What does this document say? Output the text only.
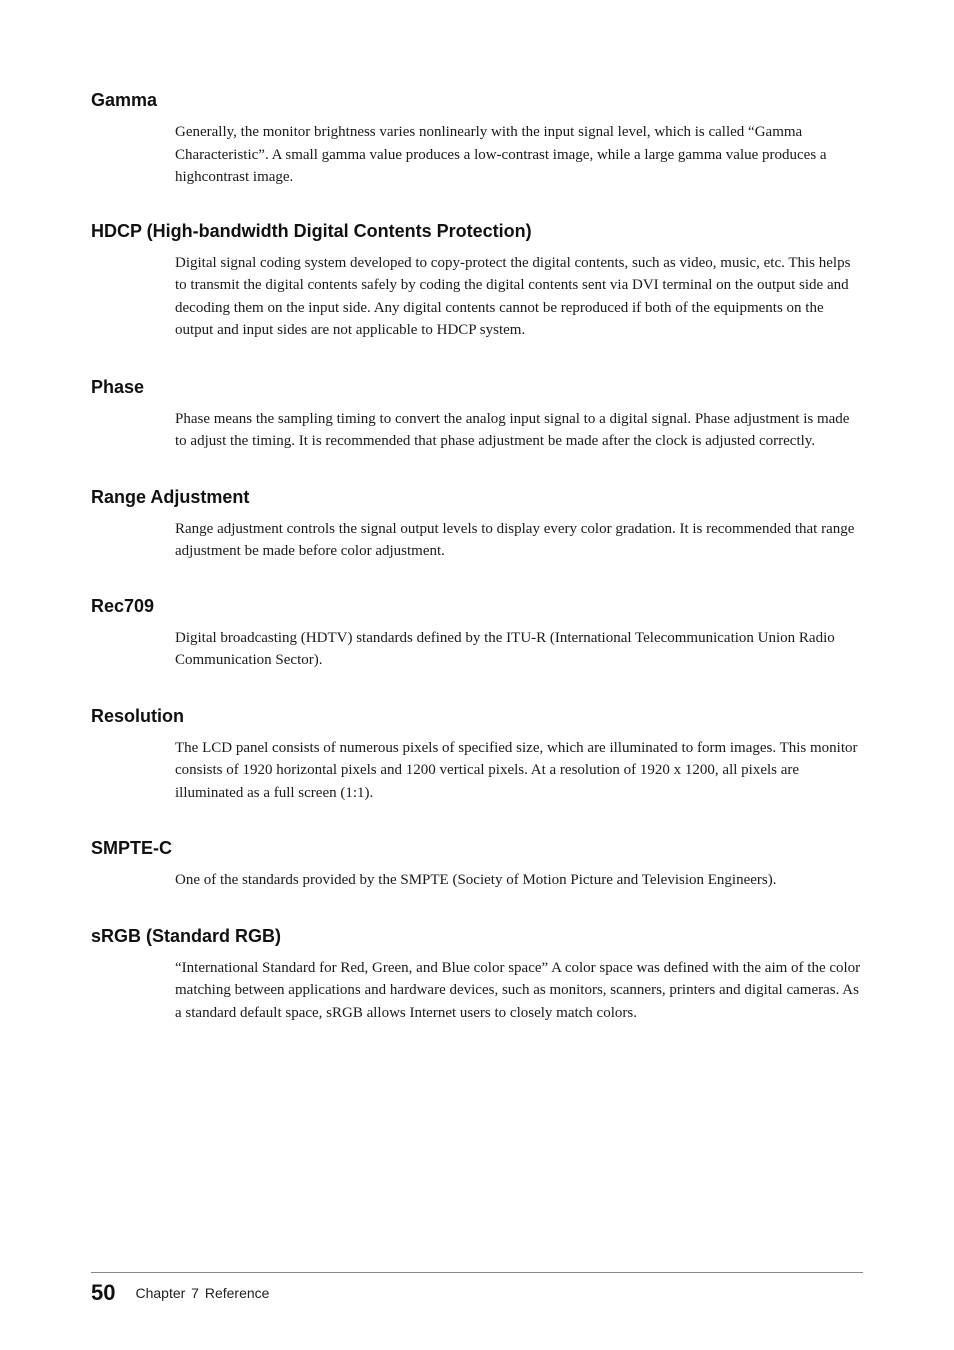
Gamma

Generally, the monitor brightness varies nonlinearly with the input signal level, which is called “Gamma Characteristic”. A small gamma value produces a low-contrast image, while a large gamma value produces a highcontrast image.

HDCP (High-bandwidth Digital Contents Protection)

Digital signal coding system developed to copy-protect the digital contents, such as video, music, etc. This helps to transmit the digital contents safely by coding the digital contents sent via DVI terminal on the output side and decoding them on the input side. Any digital contents cannot be reproduced if both of the equipments on the output and input sides are not applicable to HDCP system.

Phase

Phase means the sampling timing to convert the analog input signal to a digital signal. Phase adjustment is made to adjust the timing. It is recommended that phase adjustment be made after the clock is adjusted correctly.

Range Adjustment

Range adjustment controls the signal output levels to display every color gradation. It is recommended that range adjustment be made before color adjustment.

Rec709

Digital broadcasting (HDTV) standards defined by the ITU-R (International Telecommunication Union Radio Communication Sector).

Resolution

The LCD panel consists of numerous pixels of specified size, which are illuminated to form images. This monitor consists of 1920 horizontal pixels and 1200 vertical pixels. At a resolution of 1920 x 1200, all pixels are illuminated as a full screen (1:1).

SMPTE-C

One of the standards provided by the SMPTE (Society of Motion Picture and Television Engineers).

sRGB (Standard RGB)

“International Standard for Red, Green, and Blue color space” A color space was defined with the aim of the color matching between applications and hardware devices, such as monitors, scanners, printers and digital cameras. As a standard default space, sRGB allows Internet users to closely match colors.

50 Chapter 7 Reference
